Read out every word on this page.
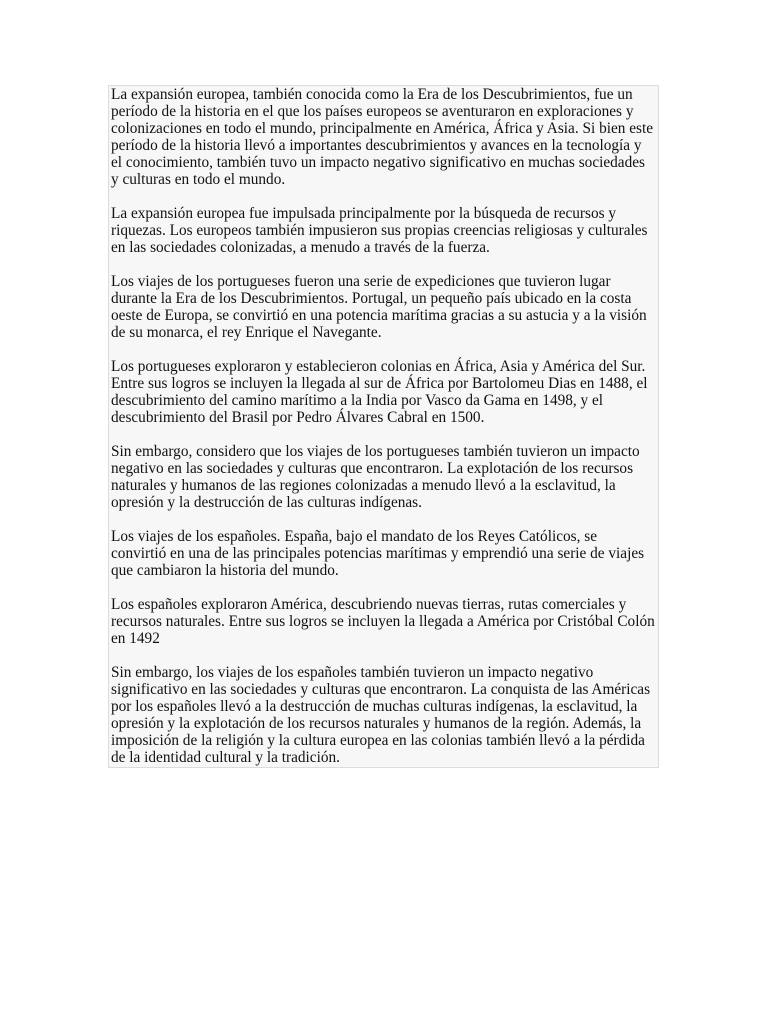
La expansión europea, también conocida como la Era de los Descubrimientos, fue un período de la historia en el que los países europeos se aventuraron en exploraciones y colonizaciones en todo el mundo, principalmente en América, África y Asia. Si bien este período de la historia llevó a importantes descubrimientos y avances en la tecnología y el conocimiento, también tuvo un impacto negativo significativo en muchas sociedades y culturas en todo el mundo.

La expansión europea fue impulsada principalmente por la búsqueda de recursos y riquezas. Los europeos también impusieron sus propias creencias religiosas y culturales en las sociedades colonizadas, a menudo a través de la fuerza.

Los viajes de los portugueses fueron una serie de expediciones que tuvieron lugar durante la Era de los Descubrimientos. Portugal, un pequeño país ubicado en la costa oeste de Europa, se convirtió en una potencia marítima gracias a su astucia y a la visión de su monarca, el rey Enrique el Navegante.

Los portugueses exploraron y establecieron colonias en África, Asia y América del Sur. Entre sus logros se incluyen la llegada al sur de África por Bartolomeu Dias en 1488, el descubrimiento del camino marítimo a la India por Vasco da Gama en 1498, y el descubrimiento del Brasil por Pedro Álvares Cabral en 1500.

Sin embargo, considero que los viajes de los portugueses también tuvieron un impacto negativo en las sociedades y culturas que encontraron. La explotación de los recursos naturales y humanos de las regiones colonizadas a menudo llevó a la esclavitud, la opresión y la destrucción de las culturas indígenas.

Los viajes de los españoles. España, bajo el mandato de los Reyes Católicos, se convirtió en una de las principales potencias marítimas y emprendió una serie de viajes que cambiaron la historia del mundo.

Los españoles exploraron América, descubriendo nuevas tierras, rutas comerciales y recursos naturales. Entre sus logros se incluyen la llegada a América por Cristóbal Colón en 1492

Sin embargo, los viajes de los españoles también tuvieron un impacto negativo significativo en las sociedades y culturas que encontraron. La conquista de las Américas por los españoles llevó a la destrucción de muchas culturas indígenas, la esclavitud, la opresión y la explotación de los recursos naturales y humanos de la región. Además, la imposición de la religión y la cultura europea en las colonias también llevó a la pérdida de la identidad cultural y la tradición.
